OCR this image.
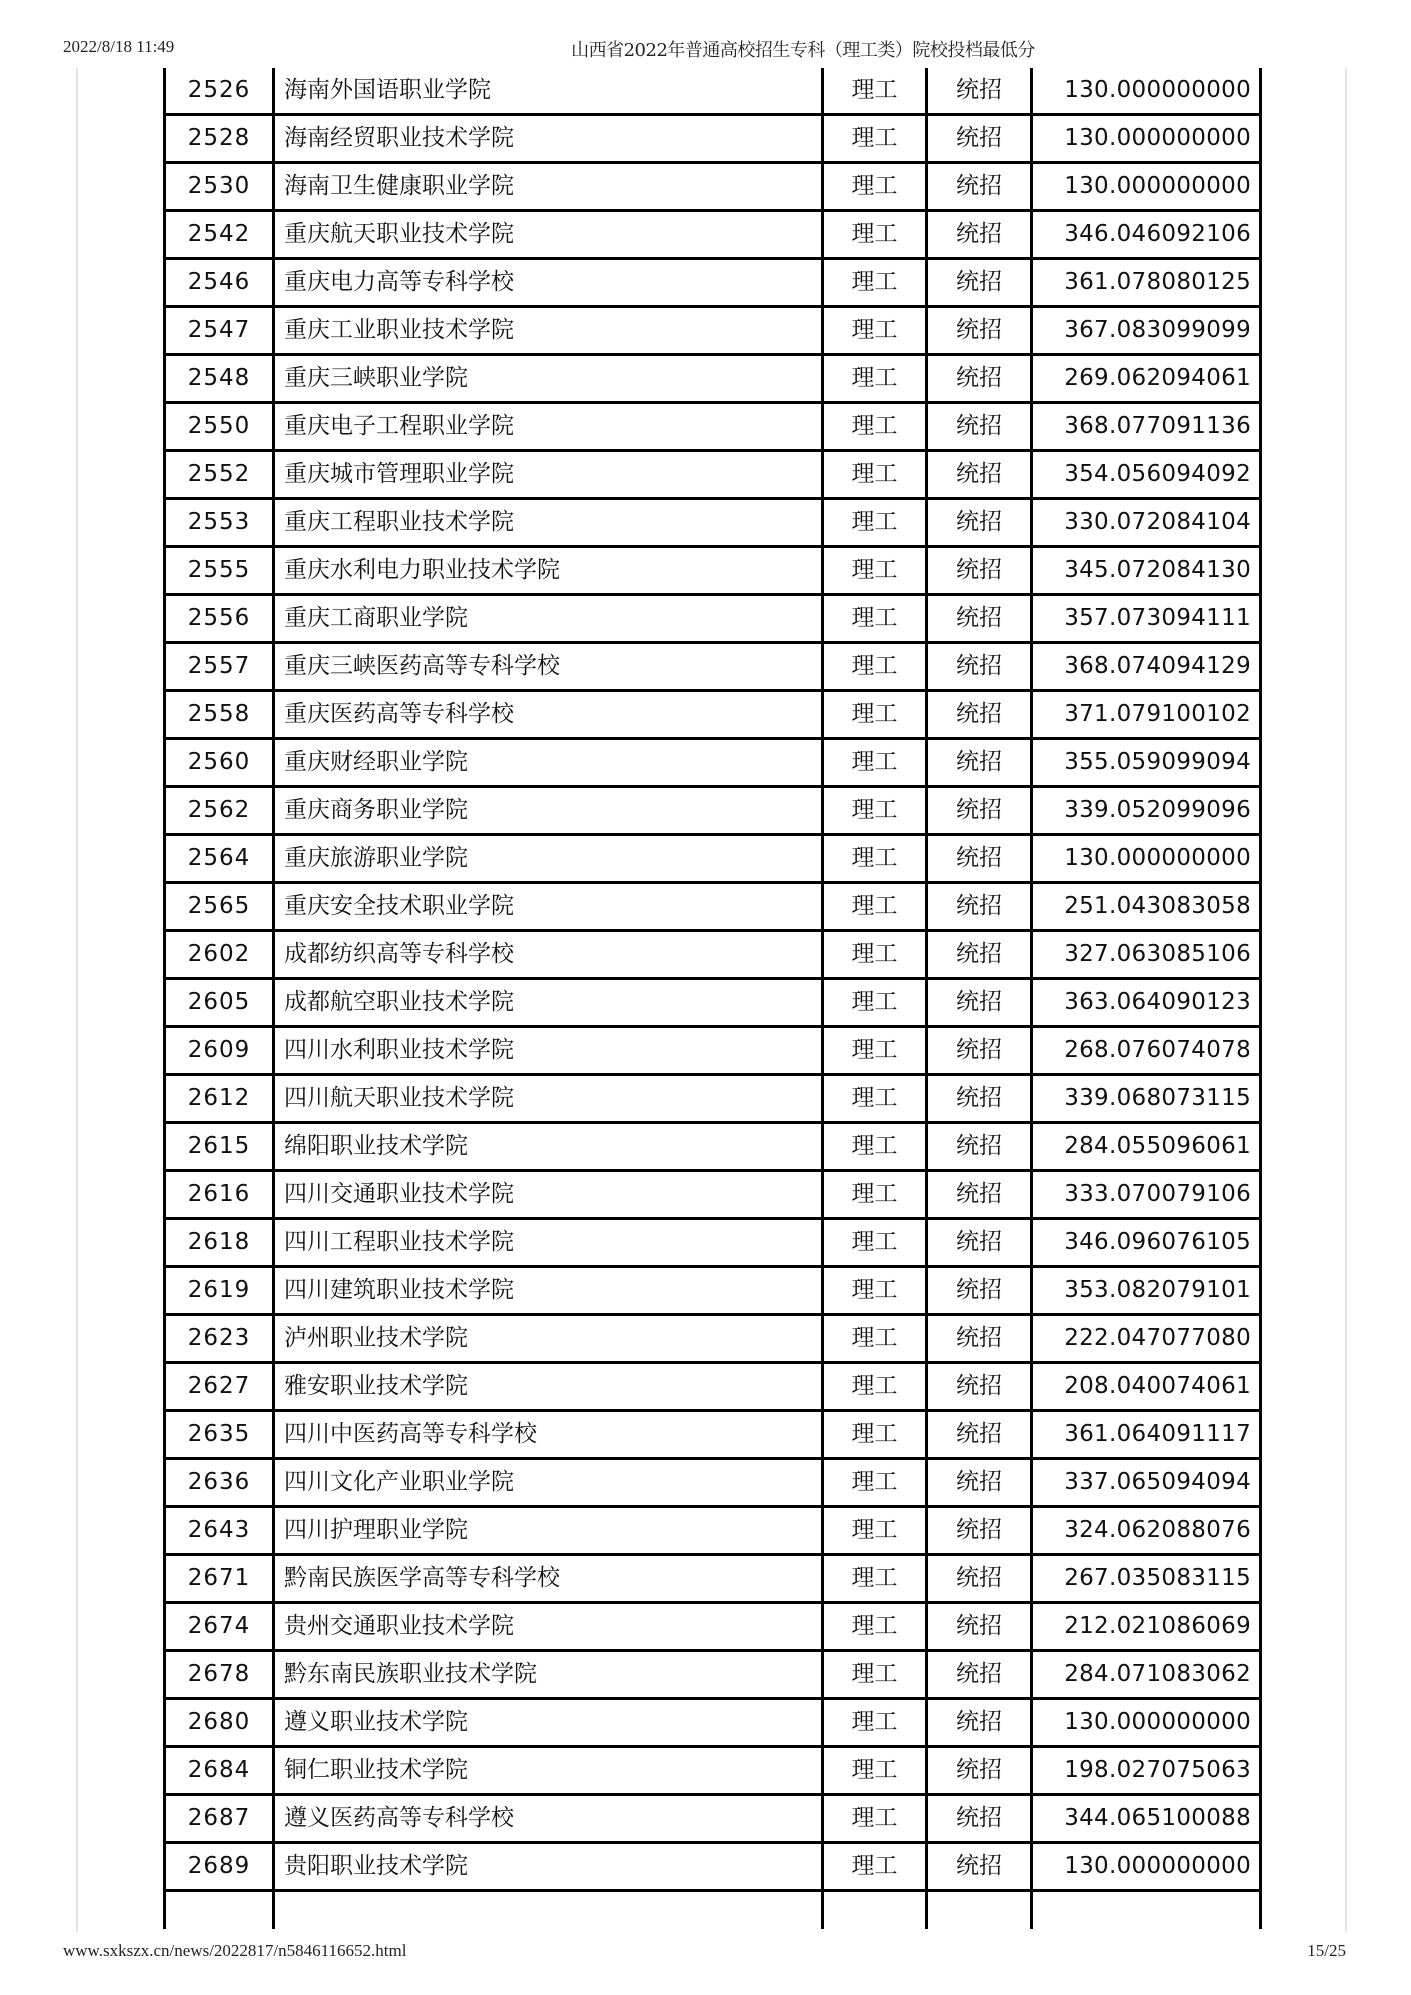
2022/8/18 11:49	山西省2022年普通高校招生专科（理工类）院校投档最低分
2526	海南外国语职业学院	理工	统招	130.000000000
2528	海南经贸职业技术学院	理工	统招	130.000000000
2530	海南卫生健康职业学院	理工	统招	130.000000000
2542	重庆航天职业技术学院	理工	统招	346.046092106
2546	重庆电力高等专科学校	理工	统招	361.078080125
2547	重庆工业职业技术学院	理工	统招	367.083099099
2548	重庆三峡职业学院	理工	统招	269.062094061
2550	重庆电子工程职业学院	理工	统招	368.077091136
2552	重庆城市管理职业学院	理工	统招	354.056094092
2553	重庆工程职业技术学院	理工	统招	330.072084104
2555	重庆水利电力职业技术学院	理工	统招	345.072084130
2556	重庆工商职业学院	理工	统招	357.073094111
2557	重庆三峡医药高等专科学校	理工	统招	368.074094129
2558	重庆医药高等专科学校	理工	统招	371.079100102
2560	重庆财经职业学院	理工	统招	355.059099094
2562	重庆商务职业学院	理工	统招	339.052099096
2564	重庆旅游职业学院	理工	统招	130.000000000
2565	重庆安全技术职业学院	理工	统招	251.043083058
2602	成都纺织高等专科学校	理工	统招	327.063085106
2605	成都航空职业技术学院	理工	统招	363.064090123
2609	四川水利职业技术学院	理工	统招	268.076074078
2612	四川航天职业技术学院	理工	统招	339.068073115
2615	绵阳职业技术学院	理工	统招	284.055096061
2616	四川交通职业技术学院	理工	统招	333.070079106
2618	四川工程职业技术学院	理工	统招	346.096076105
2619	四川建筑职业技术学院	理工	统招	353.082079101
2623	泸州职业技术学院	理工	统招	222.047077080
2627	雅安职业技术学院	理工	统招	208.040074061
2635	四川中医药高等专科学校	理工	统招	361.064091117
2636	四川文化产业职业学院	理工	统招	337.065094094
2643	四川护理职业学院	理工	统招	324.062088076
2671	黔南民族医学高等专科学校	理工	统招	267.035083115
2674	贵州交通职业技术学院	理工	统招	212.021086069
2678	黔东南民族职业技术学院	理工	统招	284.071083062
2680	遵义职业技术学院	理工	统招	130.000000000
2684	铜仁职业技术学院	理工	统招	198.027075063
2687	遵义医药高等专科学校	理工	统招	344.065100088
2689	贵阳职业技术学院	理工	统招	130.000000000

www.sxkszx.cn/news/2022817/n5846116652.html	15/25
